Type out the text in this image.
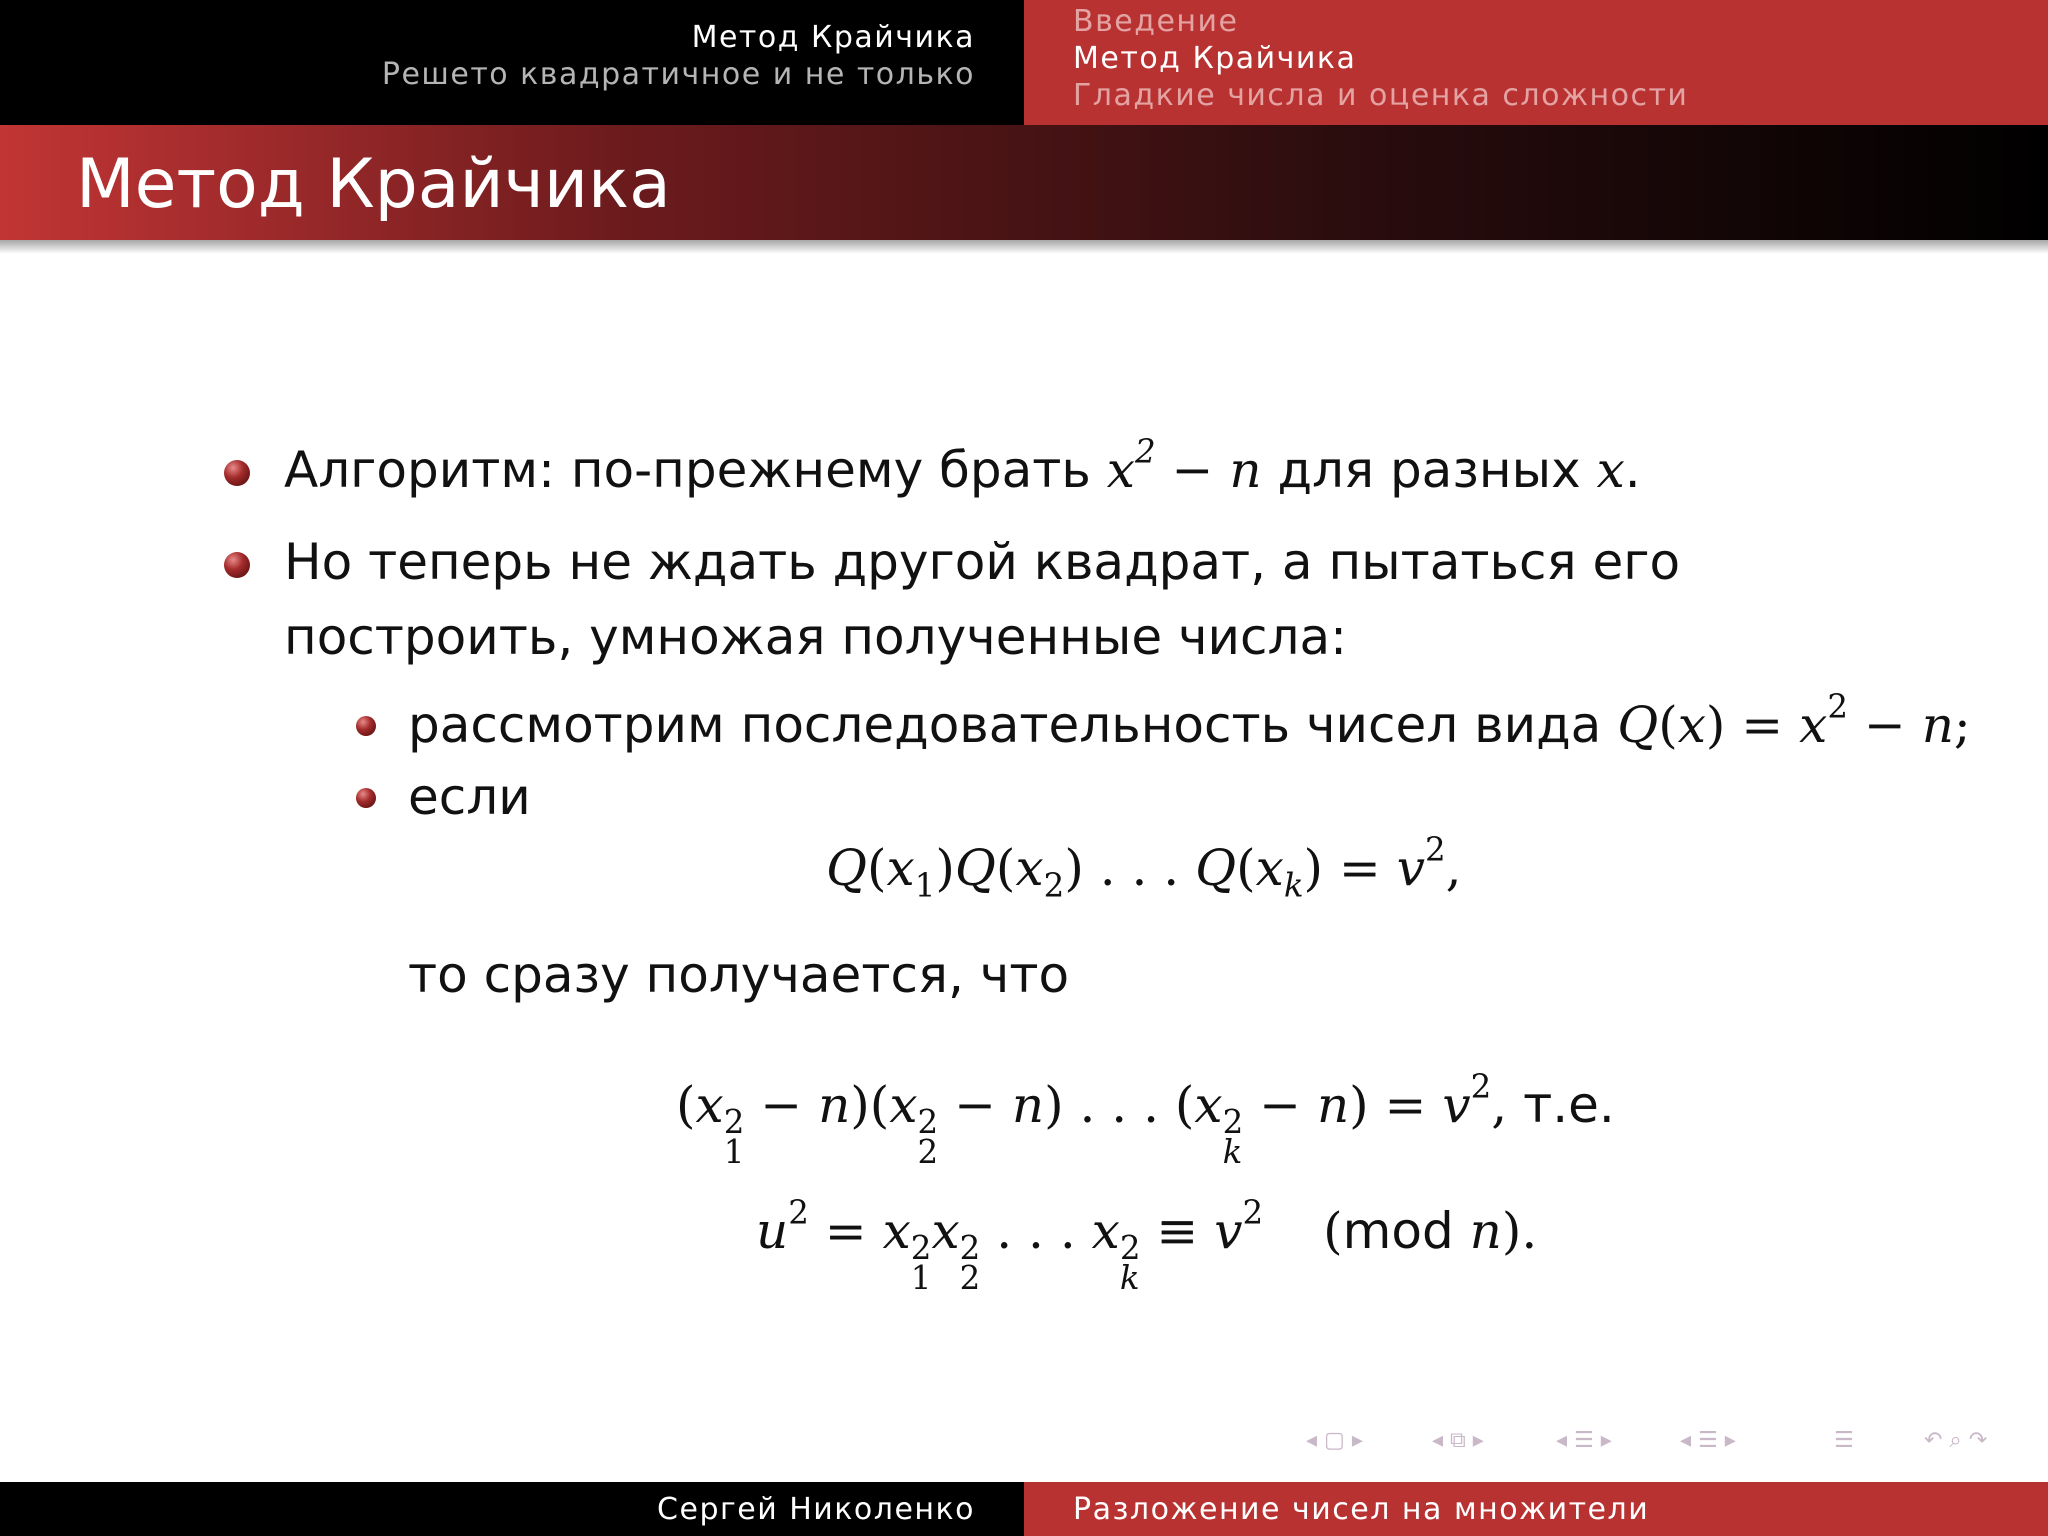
Метод Крайчика
Решето квадратичное и не только
Введение
Метод Крайчика
Гладкие числа и оценка сложности
Метод Крайчика
Алгоритм: по-прежнему брать $x^2 - n$ для разных x.
Но теперь не ждать другой квадрат, а пытаться его
построить, умножая полученные числа:
рассмотрим последовательность чисел вида $Q(x) = x^2 - n$;
если
$Q(x_1)Q(x_2)$ . . . $Q(x_k) = v^2$,
то сразу получается, что
(x 2
1
− n)(x 2
2
− n) . . . (x 2
k
− $n) = v^2$, т.е.
$u^2 = x$ 2
1
x 2
2
. . . x 2
k
≡ $v^2$ (mod n).
◂ ▢ ▸	◂ ⧉ ▸	◂ ☰ ▸	◂ ☰ ▸	☰	↶ ⌕ ↷
Сергей Николенко	Разложение чисел на множители
